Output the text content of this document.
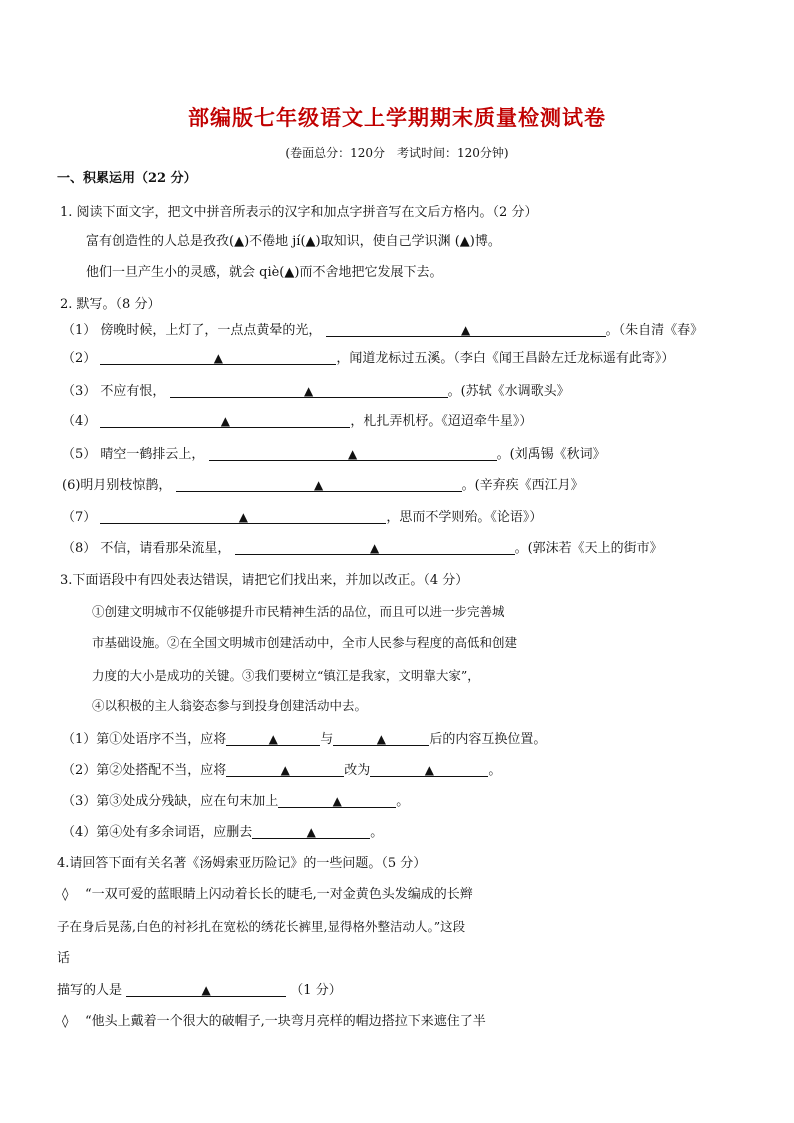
部编版七年级语文上学期期末质量检测试卷
(卷面总分：120分　考试时间：120分钟)
一、积累运用（22 分）
1. 阅读下面文字，把文中拼音所表示的汉字和加点字拼音写在文后方格内。（2 分）
富有创造性的人总是孜孜(▲)不倦地 jí(▲)取知识，使自己学识渊 (▲)博。
他们一旦产生小的灵感，就会 qiè(▲)而不舍地把它发展下去。
2. 默写。（8 分）
（1） 傍晚时候，上灯了，一点点黄晕的光，	▲	。（朱自清《春》
（2）	▲	，闻道龙标过五溪。（李白《闻王昌龄左迁龙标遥有此寄》）
（3） 不应有恨，	▲	。(苏轼《水调歌头》
（4）	▲	，札扎弄机杼。《迢迢牵牛星》）
（5） 晴空一鹤排云上，	▲	。(刘禹锡《秋词》
(6)明月别枝惊鹊，	▲	。(辛弃疾《西江月》
（7）	▲	，思而不学则殆。《论语》）
（8） 不信，请看那朵流星，	▲	。(郭沫若《天上的街市》
3.下面语段中有四处表达错误，请把它们找出来，并加以改正。（4 分）
①创建文明城市不仅能够提升市民精神生活的品位，而且可以进一步完善城
市基础设施。②在全国文明城市创建活动中，全市人民参与程度的高低和创建
力度的大小是成功的关键。③我们要树立“镇江是我家，文明靠大家”，
④以积极的主人翁姿态参与到投身创建活动中去。
（1）第①处语序不当，应将	▲	与	▲	后的内容互换位置。
（2）第②处搭配不当，应将	▲	改为	▲	。
（3）第③处成分残缺，应在句末加上	▲	。
（4）第④处有多余词语，应删去	▲	。
4.请回答下面有关名著《汤姆索亚历险记》的一些问题。（5 分）
◊ “一双可爱的蓝眼睛上闪动着长长的睫毛,一对金黄色头发编成的长辫
子在身后晃荡,白色的衬衫扎在宽松的绣花长裤里,显得格外整洁动人。”这段
话
描写的人是	▲	（1 分）
◊ “他头上戴着一个很大的破帽子,一块弯月亮样的帽边搭拉下来遮住了半
